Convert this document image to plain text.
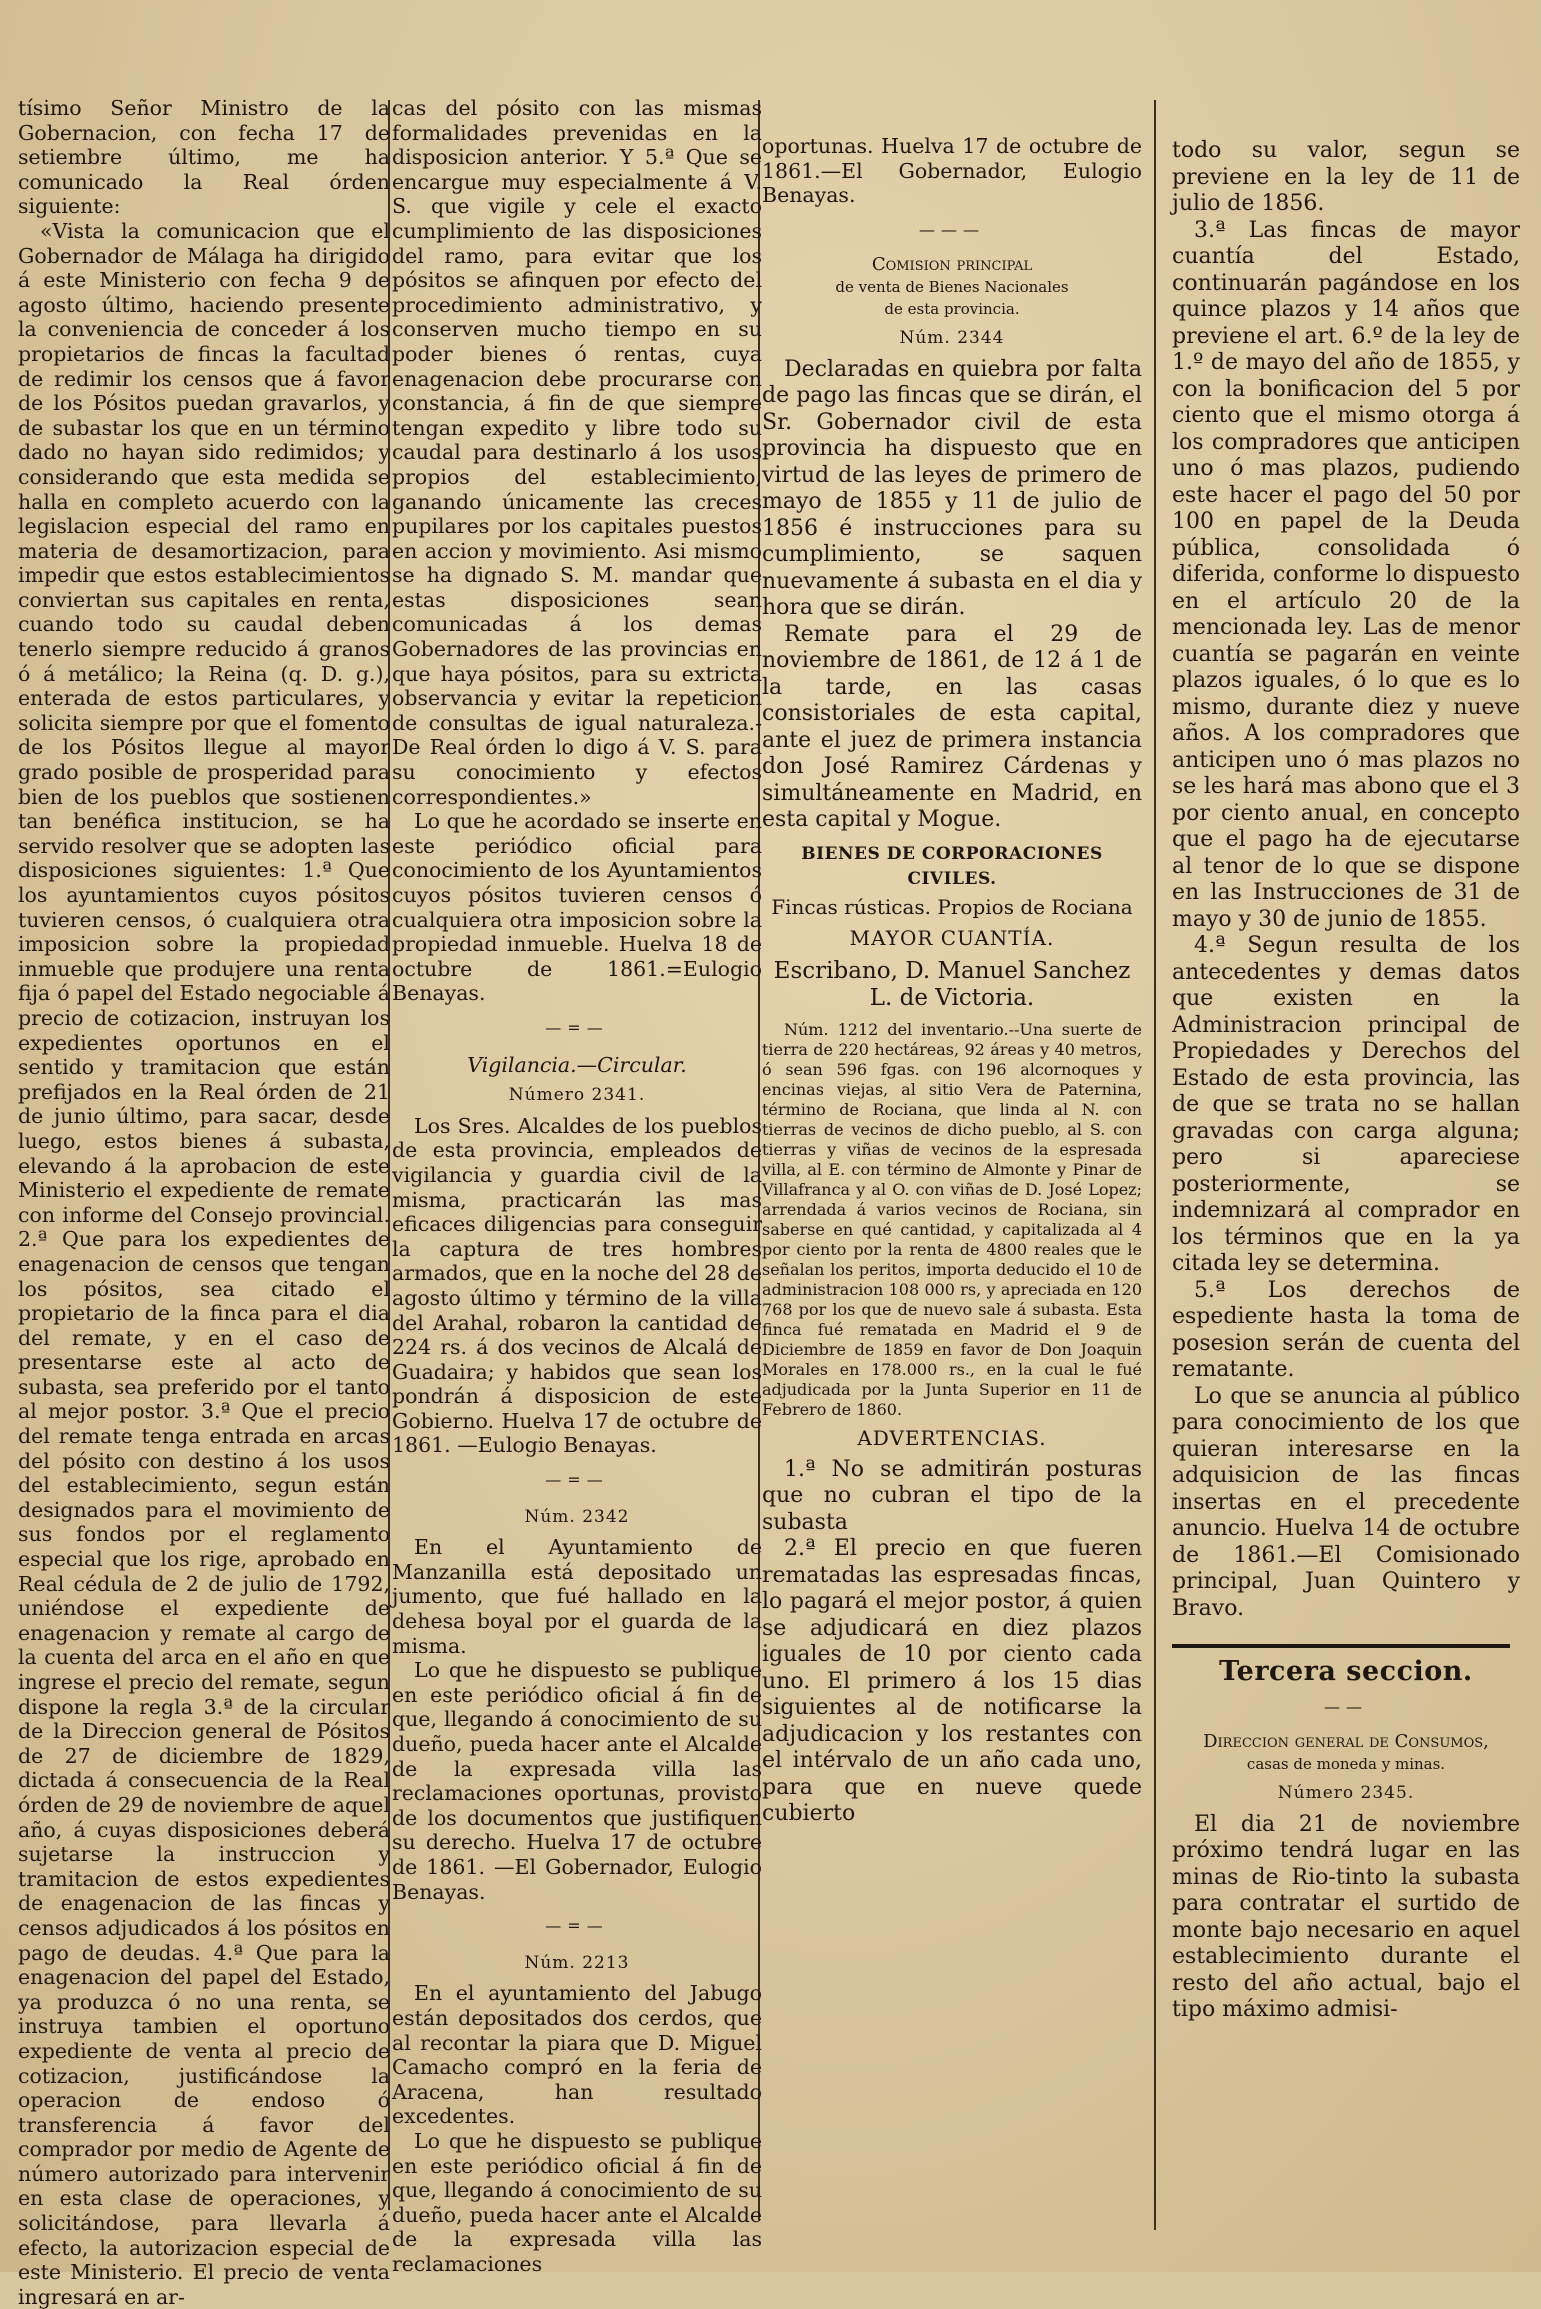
tísimo Señor Ministro de la Gobernacion, con fecha 17 de setiembre último, me ha comunicado la Real órden siguiente:

«Vista la comunicacion que el Gobernador de Málaga ha dirigido á este Ministerio con fecha 9 de agosto último, haciendo presente la conveniencia de conceder á los propietarios de fincas la facultad de redimir los censos que á favor de los Pósitos puedan gravarlos, y de subastar los que en un término dado no hayan sido redimidos; y considerando que esta medida se halla en completo acuerdo con la legislacion especial del ramo en materia de desamortizacion, para impedir que estos establecimientos conviertan sus capitales en renta, cuando todo su caudal deben tenerlo siempre reducido á granos ó á metálico; la Reina (q. D. g.), enterada de estos particulares, y solicita siempre por que el fomento de los Pósitos llegue al mayor grado posible de prosperidad para bien de los pueblos que sostienen tan benéfica institucion, se ha servido resolver que se adopten las disposiciones siguientes: 1.ª Que los ayuntamientos cuyos pósitos tuvieren censos, ó cualquiera otra imposicion sobre la propiedad inmueble que produjere una renta fija ó papel del Estado negociable á precio de cotizacion, instruyan los expedientes oportunos en el sentido y tramitacion que están prefijados en la Real órden de 21 de junio último, para sacar, desde luego, estos bienes á subasta, elevando á la aprobacion de este Ministerio el expediente de remate con informe del Consejo provincial. 2.ª Que para los expedientes de enagenacion de censos que tengan los pósitos, sea citado el propietario de la finca para el dia del remate, y en el caso de presentarse este al acto de subasta, sea preferido por el tanto al mejor postor. 3.ª Que el precio del remate tenga entrada en arcas del pósito con destino á los usos del establecimiento, segun están designados para el movimiento de sus fondos por el reglamento especial que los rige, aprobado en Real cédula de 2 de julio de 1792, uniéndose el expediente de enagenacion y remate al cargo de la cuenta del arca en el año en que ingrese el precio del remate, segun dispone la regla 3.ª de la circular de la Direccion general de Pósitos de 27 de diciembre de 1829, dictada á consecuencia de la Real órden de 29 de noviembre de aquel año, á cuyas disposiciones deberá sujetarse la instruccion y tramitacion de estos expedientes de enagenacion de las fincas y censos adjudicados á los pósitos en pago de deudas. 4.ª Que para la enagenacion del papel del Estado, ya produzca ó no una renta, se instruya tambien el oportuno expediente de venta al precio de cotizacion, justificándose la operacion de endoso ó transferencia á favor del comprador por medio de Agente de número autorizado para intervenir en esta clase de operaciones, y solicitándose, para llevarla á efecto, la autorizacion especial de este Ministerio. El precio de venta ingresará en ar-

cas del pósito con las mismas formalidades prevenidas en la disposicion anterior. Y 5.ª Que se encargue muy especialmente á V. S. que vigile y cele el exacto cumplimiento de las disposiciones del ramo, para evitar que los pósitos se afinquen por efecto del procedimiento administrativo, y conserven mucho tiempo en su poder bienes ó rentas, cuya enagenacion debe procurarse con constancia, á fin de que siempre tengan expedito y libre todo su caudal para destinarlo á los usos propios del establecimiento, ganando únicamente las creces pupilares por los capitales puestos en accion y movimiento. Asi mismo se ha dignado S. M. mandar que estas disposiciones sean comunicadas á los demas Gobernadores de las provincias en que haya pósitos, para su extricta observancia y evitar la repeticion de consultas de igual naturaleza.-De Real órden lo digo á V. S. para su conocimiento y efectos correspondientes.»

Lo que he acordado se inserte en este periódico oficial para conocimiento de los Ayuntamientos cuyos pósitos tuvieren censos ó cualquiera otra imposicion sobre la propiedad inmueble. Huelva 18 de octubre de 1861.=Eulogio Benayas.

—=—
Vigilancia.—Circular.
Número 2341.

Los Sres. Alcaldes de los pueblos de esta provincia, empleados de vigilancia y guardia civil de la misma, practicarán las mas eficaces diligencias para conseguir la captura de tres hombres armados, que en la noche del 28 de agosto último y término de la villa del Arahal, robaron la cantidad de 224 rs. á dos vecinos de Alcalá de Guadaira; y habidos que sean los pondrán á disposicion de este Gobierno. Huelva 17 de octubre de 1861. —Eulogio Benayas.

—=—
Núm. 2342

En el Ayuntamiento de Manzanilla está depositado un jumento, que fué hallado en la dehesa boyal por el guarda de la misma.

Lo que he dispuesto se publique en este periódico oficial á fin de que, llegando á conocimiento de su dueño, pueda hacer ante el Alcalde de la expresada villa las reclamaciones oportunas, provisto de los documentos que justifiquen su derecho. Huelva 17 de octubre de 1861. —El Gobernador, Eulogio Benayas.

—=—
Núm. 2213

En el ayuntamiento del Jabugo están depositados dos cerdos, que al recontar la piara que D. Miguel Camacho compró en la feria de Aracena, han resultado excedentes.

Lo que he dispuesto se publique en este periódico oficial á fin de que, llegando á conocimiento de su dueño, pueda hacer ante el Alcalde de la expresada villa las reclamaciones

oportunas. Huelva 17 de octubre de 1861.—El Gobernador, Eulogio Benayas.

———
Comision principal
de venta de Bienes Nacionales
de esta provincia.
Núm. 2344

Declaradas en quiebra por falta de pago las fincas que se dirán, el Sr. Gobernador civil de esta provincia ha dispuesto que en virtud de las leyes de primero de mayo de 1855 y 11 de julio de 1856 é instrucciones para su cumplimiento, se saquen nuevamente á subasta en el dia y hora que se dirán.

Remate para el 29 de noviembre de 1861, de 12 á 1 de la tarde, en las casas consistoriales de esta capital, ante el juez de primera instancia don José Ramirez Cárdenas y simultáneamente en Madrid, en esta capital y Mogue.

BIENES DE CORPORACIONES CIVILES.
Fincas rústicas. Propios de Rociana
MAYOR CUANTÍA.
Escribano, D. Manuel Sanchez L. de Victoria.

Núm. 1212 del inventario.--Una suerte de tierra de 220 hectáreas, 92 áreas y 40 metros, ó sean 596 fgas. con 196 alcornoques y encinas viejas, al sitio Vera de Paternina, término de Rociana, que linda al N. con tierras de vecinos de dicho pueblo, al S. con tierras y viñas de vecinos de la espresada villa, al E. con término de Almonte y Pinar de Villafranca y al O. con viñas de D. José Lopez; arrendada á varios vecinos de Rociana, sin saberse en qué cantidad, y capitalizada al 4 por ciento por la renta de 4800 reales que le señalan los peritos, importa deducido el 10 de administracion 108 000 rs, y apreciada en 120 768 por los que de nuevo sale á subasta. Esta finca fué rematada en Madrid el 9 de Diciembre de 1859 en favor de Don Joaquin Morales en 178.000 rs., en la cual le fué adjudicada por la Junta Superior en 11 de Febrero de 1860.

ADVERTENCIAS.

1.ª No se admitirán posturas que no cubran el tipo de la subasta

2.ª El precio en que fueren rematadas las espresadas fincas, lo pagará el mejor postor, á quien se adjudicará en diez plazos iguales de 10 por ciento cada uno. El primero á los 15 dias siguientes al de notificarse la adjudicacion y los restantes con el intérvalo de un año cada uno, para que en nueve quede cubierto

todo su valor, segun se previene en la ley de 11 de julio de 1856.

3.ª Las fincas de mayor cuantía del Estado, continuarán pagándose en los quince plazos y 14 años que previene el art. 6.º de la ley de 1.º de mayo del año de 1855, y con la bonificacion del 5 por ciento que el mismo otorga á los compradores que anticipen uno ó mas plazos, pudiendo este hacer el pago del 50 por 100 en papel de la Deuda pública, consolidada ó diferida, conforme lo dispuesto en el artículo 20 de la mencionada ley. Las de menor cuantía se pagarán en veinte plazos iguales, ó lo que es lo mismo, durante diez y nueve años. A los compradores que anticipen uno ó mas plazos no se les hará mas abono que el 3 por ciento anual, en concepto que el pago ha de ejecutarse al tenor de lo que se dispone en las Instrucciones de 31 de mayo y 30 de junio de 1855.

4.ª Segun resulta de los antecedentes y demas datos que existen en la Administracion principal de Propiedades y Derechos del Estado de esta provincia, las de que se trata no se hallan gravadas con carga alguna; pero si apareciese posteriormente, se indemnizará al comprador en los términos que en la ya citada ley se determina.

5.ª Los derechos de espediente hasta la toma de posesion serán de cuenta del rematante.

Lo que se anuncia al público para conocimiento de los que quieran interesarse en la adquisicion de las fincas insertas en el precedente anuncio. Huelva 14 de octubre de 1861.—El Comisionado principal, Juan Quintero y Bravo.

Tercera seccion.
——
Direccion general de Consumos,
casas de moneda y minas.
Número 2345.

El dia 21 de noviembre próximo tendrá lugar en las minas de Rio-tinto la subasta para contratar el surtido de monte bajo necesario en aquel establecimiento durante el resto del año actual, bajo el tipo máximo admisi-
